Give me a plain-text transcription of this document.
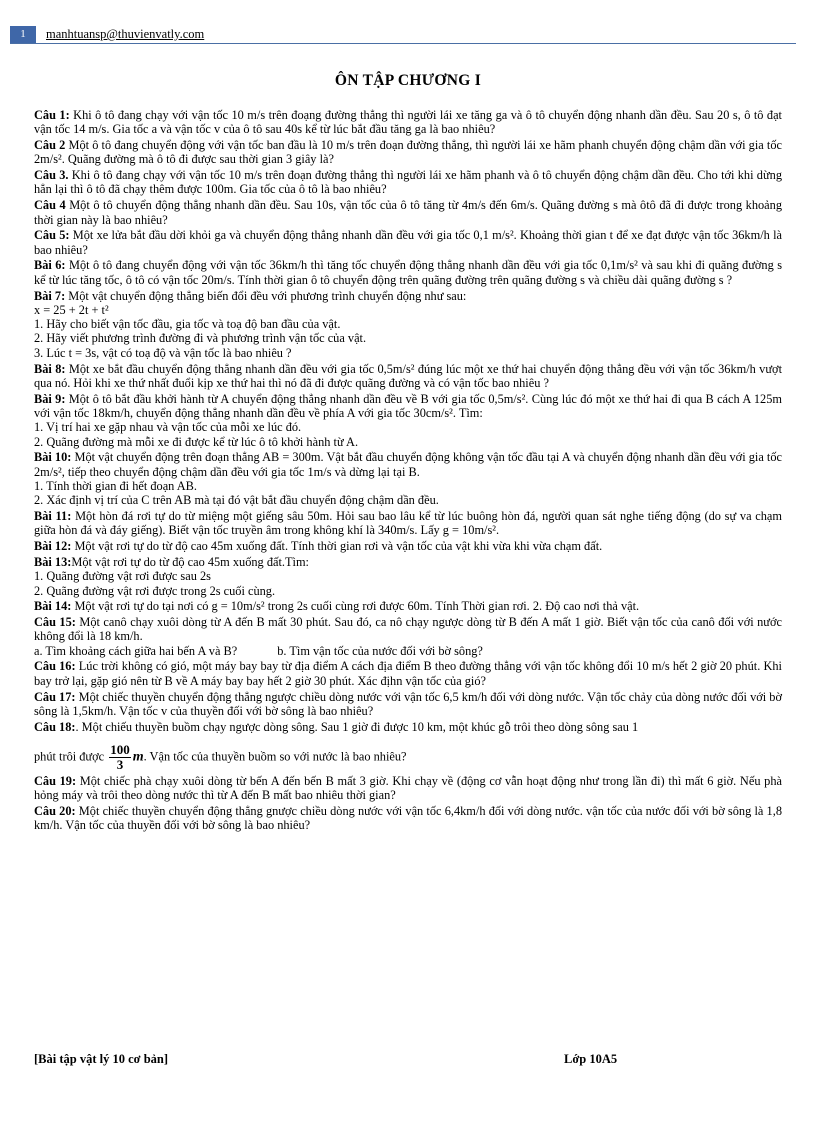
1	manhtuansp@thuvienvatly.com
ÔN TẬP CHƯƠNG I
Câu 1: Khi ô tô đang chạy với vận tốc 10 m/s trên đoạng đường thẳng thì người lái xe tăng ga và ô tô chuyển động nhanh dần đều. Sau 20 s, ô tô đạt vận tốc 14 m/s. Gia tốc a và vận tốc v của ô tô sau 40s kể từ lúc bắt đầu tăng ga là bao nhiêu?
Câu 2 Một ô tô đang chuyển động với vận tốc ban đầu là 10 m/s trên đoạn đường thẳng, thì người lái xe hãm phanh chuyển động chậm dần với gia tốc 2m/s². Quãng đường mà ô tô đi được sau thời gian 3 giây là?
Câu 3. Khi ô tô đang chạy với vận tốc 10 m/s trên đoạn đường thẳng thì người lái xe hãm phanh và ô tô chuyển động chậm dần đều. Cho tới khi dừng hẳn lại thì ô tô đã chạy thêm được 100m. Gia tốc của ô tô là bao nhiêu?
Câu 4 Một ô tô chuyển động thẳng nhanh dần đều. Sau 10s, vận tốc của ô tô tăng từ 4m/s đến 6m/s. Quãng đường s mà ôtô đã đi được trong khoảng thời gian này là bao nhiêu?
Câu 5: Một xe lửa bắt đầu dời khỏi ga và chuyển động thẳng nhanh dần đều với gia tốc 0,1 m/s². Khoảng thời gian t để xe đạt được vận tốc 36km/h là bao nhiêu?
Bài 6: Một ô tô đang chuyển động với vận tốc 36km/h thì tăng tốc chuyển động thẳng nhanh dần đều với gia tốc 0,1m/s² và sau khi đi quãng đường s kể từ lúc tăng tốc, ô tô có vận tốc 20m/s. Tính thời gian ô tô chuyển động trên quãng đường trên quãng đường s và chiều dài quãng đường s ?
Bài 7: Một vật chuyển động thẳng biến đổi đều với phương trình chuyển động như sau:

x = 25 + 2t + t²

1. Hãy cho biết vận tốc đầu, gia tốc và toạ độ ban đầu của vật.

2. Hãy viết phương trình đường đi và phương trình vận tốc của vật.

3. Lúc t = 3s, vật có toạ độ và vận tốc là bao nhiêu ?

Bài 8: Một xe bắt đầu chuyển động thẳng nhanh dần đều với gia tốc 0,5m/s² đúng lúc một xe thứ hai chuyển động thẳng đều với vận tốc 36km/h vượt qua nó. Hỏi khi xe thứ nhất đuổi kịp xe thứ hai thì nó đã đi được quãng đường và có vận tốc bao nhiêu ?
Bài 9: Một ô tô bắt đầu khởi hành từ A chuyển động thẳng nhanh dần đều về B với gia tốc 0,5m/s². Cùng lúc đó một xe thứ hai đi qua B cách A 125m với vận tốc 18km/h, chuyển động thẳng nhanh dần đều về phía A với gia tốc 30cm/s². Tìm:

1. Vị trí hai xe gặp nhau và vận tốc của mỗi xe lúc đó.

2. Quãng đường mà mỗi xe đi được kể từ lúc ô tô khởi hành từ A.

Bài 10: Một vật chuyển động trên đoạn thẳng AB = 300m. Vật bắt đầu chuyển động không vận tốc đầu tại A và chuyển động nhanh dần đều với gia tốc 2m/s², tiếp theo chuyển động chậm dần đều với gia tốc 1m/s và dừng lại tại B.

1. Tính thời gian đi hết đoạn AB.

2. Xác định vị trí của C trên AB mà tại đó vật bắt đầu chuyển động chậm dần đều.

Bài 11: Một hòn đá rơi tự do từ miệng một giếng sâu 50m. Hỏi sau bao lâu kể từ lúc buông hòn đá, người quan sát nghe tiếng động (do sự va chạm giữa hòn đá và đáy giếng). Biết vận tốc truyền âm trong không khí là 340m/s. Lấy g = 10m/s².
Bài 12: Một vật rơi tự do từ độ cao 45m xuống đất. Tính thời gian rơi và vận tốc của vật khi vừa khi vừa chạm đất.
Bài 13:Một vật rơi tự do từ độ cao 45m xuống đất.Tìm:

1. Quãng đường vật rơi được sau 2s

2. Quãng đường vật rơi được trong 2s cuối cùng.

Bài 14: Một vật rơi tự do tại nơi có g = 10m/s² trong 2s cuối cùng rơi được 60m. Tính Thời gian rơi. 2. Độ cao nơi thả vật.
Câu 15: Một canô chạy xuôi dòng từ A đến B mất 30 phút. Sau đó, ca nô chạy ngược dòng từ B đến A mất 1 giờ. Biết vận tốc của canô đối với nước không đổi là 18 km/h.

a. Tìm khoảng cách giữa hai bến A và B?	b. Tìm vận tốc của nước đối với bờ sông?

Câu 16: Lúc trời không có gió, một máy bay bay từ địa điểm A cách địa điểm B theo đường thẳng với vận tốc không đổi 10 m/s hết 2 giờ 20 phút. Khi bay trở lại, gặp gió nên từ B về A máy bay bay hết 2 giờ 30 phút. Xác địhn vận tốc của gió?
Câu 17: Một chiếc thuyền chuyển động thẳng ngược chiều dòng nước với vận tốc 6,5 km/h đối với dòng nước. Vận tốc chảy của dòng nước đối với bờ sông là 1,5km/h. Vận tốc v của thuyền đối với bờ sông là bao nhiêu?
Câu 18:. Một chiếu thuyền buồm chạy ngược dòng sông. Sau 1 giờ đi được 10 km, một khúc gỗ trôi theo dòng sông sau 1

phút trôi được $\frac{100}{3} m$. Vận tốc của thuyền buồm so với nước là bao nhiêu?

Câu 19: Một chiếc phà chạy xuôi dòng từ bến A đến bến B mất 3 giờ. Khi chạy về (động cơ vẫn hoạt động như trong lần đi) thì mất 6 giờ. Nếu phà hỏng máy và trôi theo dòng nước thì từ A đến B mất bao nhiêu thời gian?
Câu 20: Một chiếc thuyền chuyển động thẳng gnược chiều dòng nước với vận tốc 6,4km/h đối với dòng nước. vận tốc của nước đối với bờ sông là 1,8 km/h. Vận tốc của thuyền đối với bờ sông là bao nhiêu?
[Bài tập vật lý 10 cơ bản]	Lớp 10A5
